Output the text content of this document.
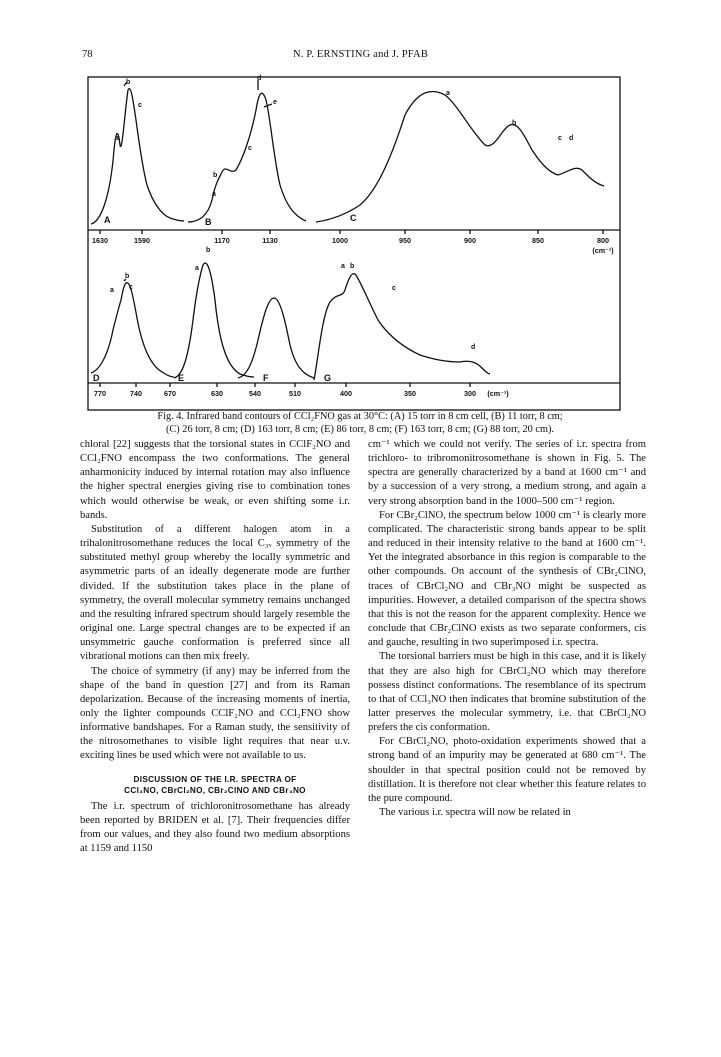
78	N. P. ERNSTING and J. PFAB
A	B	C
D	E	F	G
b
c
a
d
e
c
b
a
a
b
c d
b
c
a
a
b
a b
c
d
1630	1590	1170	1130	1000	950	900	850	800
(cm⁻¹)
770	740	670	630	540	510	400	350	300 (cm⁻¹)
Fig. 4. Infrared band contours of CCl₂FNO gas at 30°C: (A) 15 torr in 8 cm cell, (B) 11 torr, 8 cm;
(C) 26 torr, 8 cm; (D) 163 torr, 8 cm; (E) 86 torr, 8 cm; (F) 163 torr, 8 cm; (G) 88 torr, 20 cm).

chloral [22] suggests that the torsional states in CClF₂NO and CCl₂FNO encompass the two conformations. The general anharmonicity induced by internal rotation may also influence the higher spectral energies giving rise to combination tones which would otherwise be weak, or even shifting some i.r. bands.

Substitution of a different halogen atom in a trihalonitrosomethane reduces the local C₃ᵥ symmetry of the substituted methyl group whereby the locally symmetric and asymmetric parts of an ideally degenerate mode are further divided. If the substitution takes place in the plane of symmetry, the overall molecular symmetry remains unchanged and the resulting infrared spectrum should largely resemble the original one. Large spectral changes are to be expected if an unsymmetric gauche conformation is preferred since all vibrational motions can then mix freely.

The choice of symmetry (if any) may be inferred from the shape of the band in question [27] and from its Raman depolarization. Because of the increasing moments of inertia, only the lighter compounds CClF₂NO and CCl₂FNO show informative bandshapes. For a Raman study, the sensitivity of the nitrosomethanes to visible light requires that near u.v. exciting lines be used which were not available to us.

DISCUSSION OF THE I.R. SPECTRA OF
CCl₃NO, CBrCl₂NO, CBr₂ClNO AND CBr₃NO

The i.r. spectrum of trichloronitrosomethane has already been reported by BRIDEN et al. [7]. Their frequencies differ from our values, and they also found two medium absorptions at 1159 and 1150

cm⁻¹ which we could not verify. The series of i.r. spectra from trichloro- to tribromonitrosomethane is shown in Fig. 5. The spectra are generally characterized by a band at 1600 cm⁻¹ and by a succession of a very strong, a medium strong, and again a very strong absorption band in the 1000–500 cm⁻¹ region.

For CBr₂ClNO, the spectrum below 1000 cm⁻¹ is clearly more complicated. The characteristic strong bands appear to be split and reduced in their intensity relative to the band at 1600 cm⁻¹. Yet the integrated absorbance in this region is comparable to the other compounds. On account of the synthesis of CBr₂ClNO, traces of CBrCl₂NO and CBr₃NO might be suspected as impurities. However, a detailed comparison of the spectra shows that this is not the reason for the apparent complexity. Hence we conclude that CBr₂ClNO exists as two separate conformers, cis and gauche, resulting in two superimposed i.r. spectra.

The torsional barriers must be high in this case, and it is likely that they are also high for CBrCl₂NO which may therefore possess distinct conformations. The resemblance of its spectrum to that of CCl₃NO then indicates that bromine substitution of the latter preserves the molecular symmetry, i.e. that CBrCl₂NO prefers the cis conformation.

For CBrCl₂NO, photo-oxidation experiments showed that a strong band of an impurity may be generated at 680 cm⁻¹. The shoulder in that spectral position could not be removed by distillation. It is therefore not clear whether this feature relates to the pure compound.

The various i.r. spectra will now be related in
